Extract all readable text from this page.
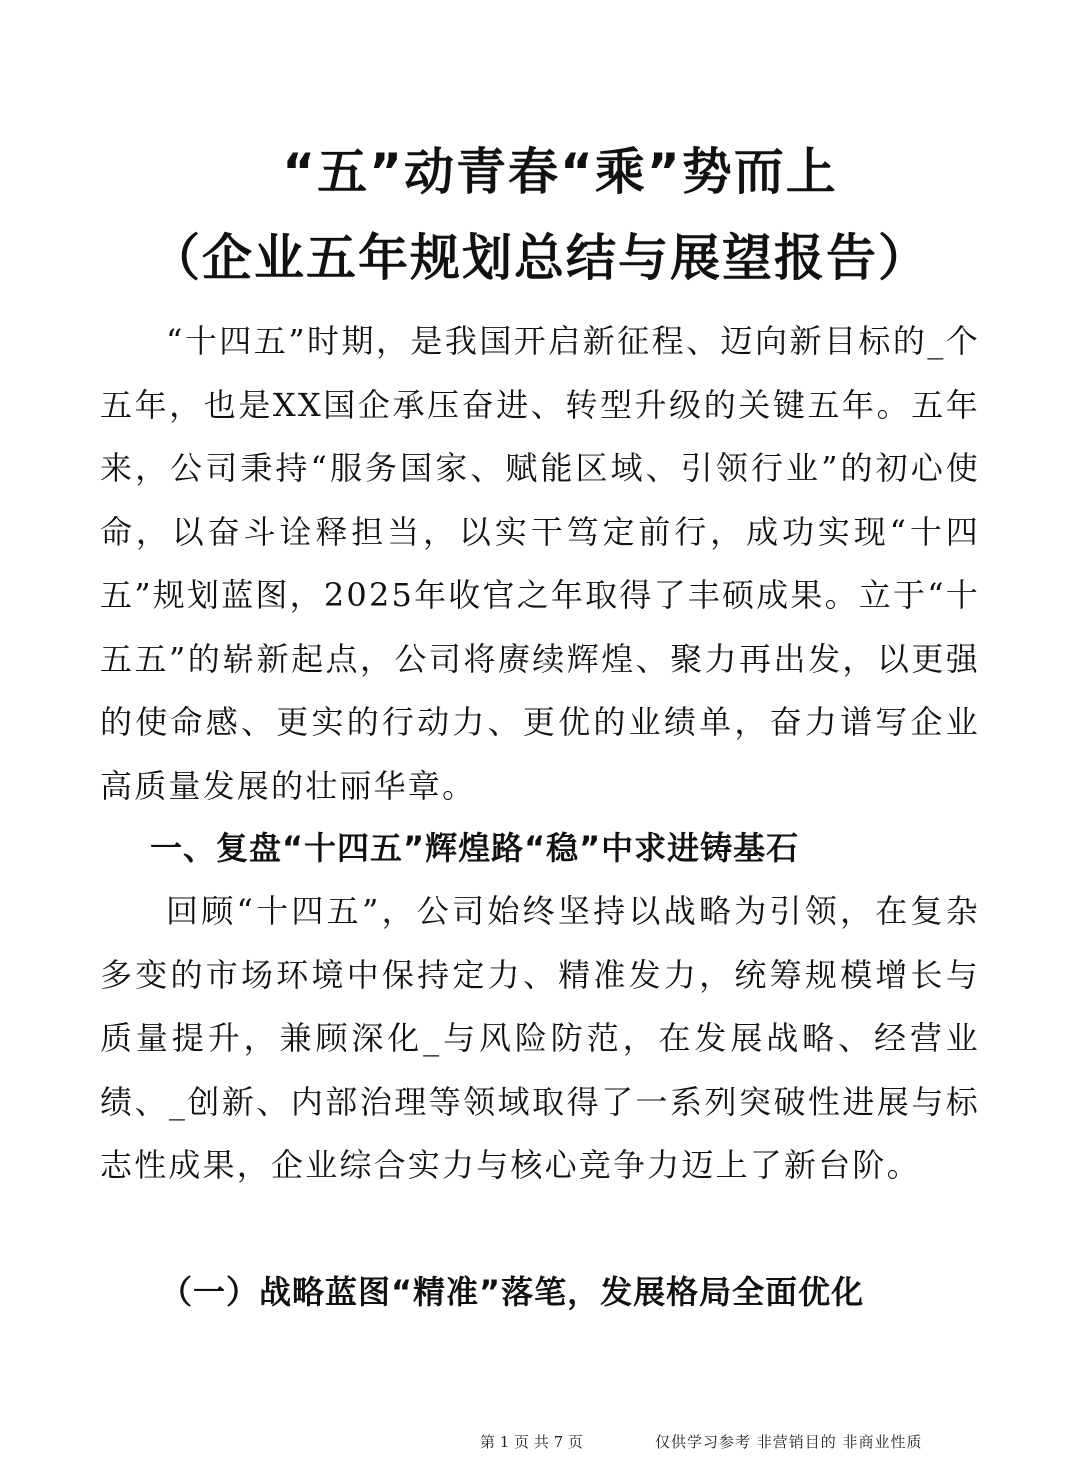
“五”动青春“乘”势而上
（企业五年规划总结与展望报告）

“十四五”时期，是我国开启新征程、迈向新目标的_个五年，也是XX国企承压奋进、转型升级的关键五年。五年来，公司秉持“服务国家、赋能区域、引领行业”的初心使命，以奋斗诠释担当，以实干笃定前行，成功实现“十四五”规划蓝图，2025年收官之年取得了丰硕成果。立于“十五五”的崭新起点，公司将赓续辉煌、聚力再出发，以更强的使命感、更实的行动力、更优的业绩单，奋力谱写企业高质量发展的壮丽华章。

一、复盘“十四五”辉煌路“稳”中求进铸基石

回顾“十四五”，公司始终坚持以战略为引领，在复杂多变的市场环境中保持定力、精准发力，统筹规模增长与质量提升，兼顾深化_与风险防范，在发展战略、经营业绩、_创新、内部治理等领域取得了一系列突破性进展与标志性成果，企业综合实力与核心竞争力迈上了新台阶。

（一）战略蓝图“精准”落笔，发展格局全面优化
第 1 页 共 7 页	仅供学习参考 非营销目的 非商业性质
